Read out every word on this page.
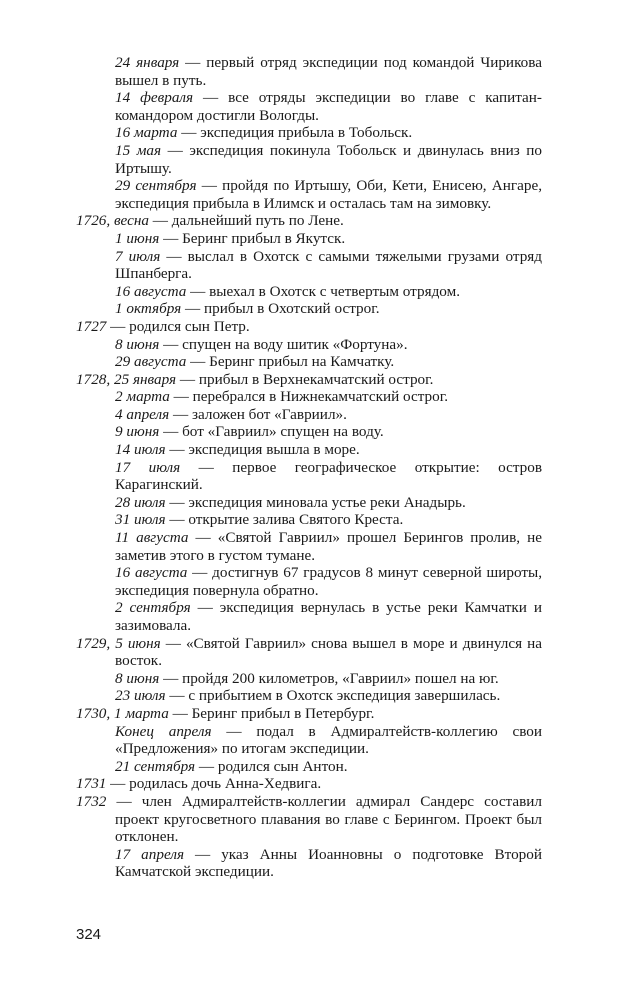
24 января — первый отряд экспедиции под командой Чирикова вышел в путь.
14 февраля — все отряды экспедиции во главе с капитан-командором достигли Вологды.
16 марта — экспедиция прибыла в Тобольск.
15 мая — экспедиция покинула Тобольск и двинулась вниз по Иртышу.
29 сентября — пройдя по Иртышу, Оби, Кети, Енисею, Ангаре, экспедиция прибыла в Илимск и осталась там на зимовку.
1726, весна — дальнейший путь по Лене.
1 июня — Беринг прибыл в Якутск.
7 июля — выслал в Охотск с самыми тяжелыми грузами отряд Шпанберга.
16 августа — выехал в Охотск с четвертым отрядом.
1 октября — прибыл в Охотский острог.
1727 — родился сын Петр.
8 июня — спущен на воду шитик «Фортуна».
29 августа — Беринг прибыл на Камчатку.
1728, 25 января — прибыл в Верхнекамчатский острог.
2 марта — перебрался в Нижнекамчатский острог.
4 апреля — заложен бот «Гавриил».
9 июня — бот «Гавриил» спущен на воду.
14 июля — экспедиция вышла в море.
17 июля — первое географическое открытие: остров Карагинский.
28 июля — экспедиция миновала устье реки Анадырь.
31 июля — открытие залива Святого Креста.
11 августа — «Святой Гавриил» прошел Берингов пролив, не заметив этого в густом тумане.
16 августа — достигнув 67 градусов 8 минут северной широты, экспедиция повернула обратно.
2 сентября — экспедиция вернулась в устье реки Камчатки и зазимовала.
1729, 5 июня — «Святой Гавриил» снова вышел в море и двинулся на восток.
8 июня — пройдя 200 километров, «Гавриил» пошел на юг.
23 июля — с прибытием в Охотск экспедиция завершилась.
1730, 1 марта — Беринг прибыл в Петербург.
Конец апреля — подал в Адмиралтейств-коллегию свои «Предложения» по итогам экспедиции.
21 сентября — родился сын Антон.
1731 — родилась дочь Анна-Хедвига.
1732 — член Адмиралтейств-коллегии адмирал Сандерс составил проект кругосветного плавания во главе с Берингом. Проект был отклонен.
17 апреля — указ Анны Иоанновны о подготовке Второй Камчатской экспедиции.
324
